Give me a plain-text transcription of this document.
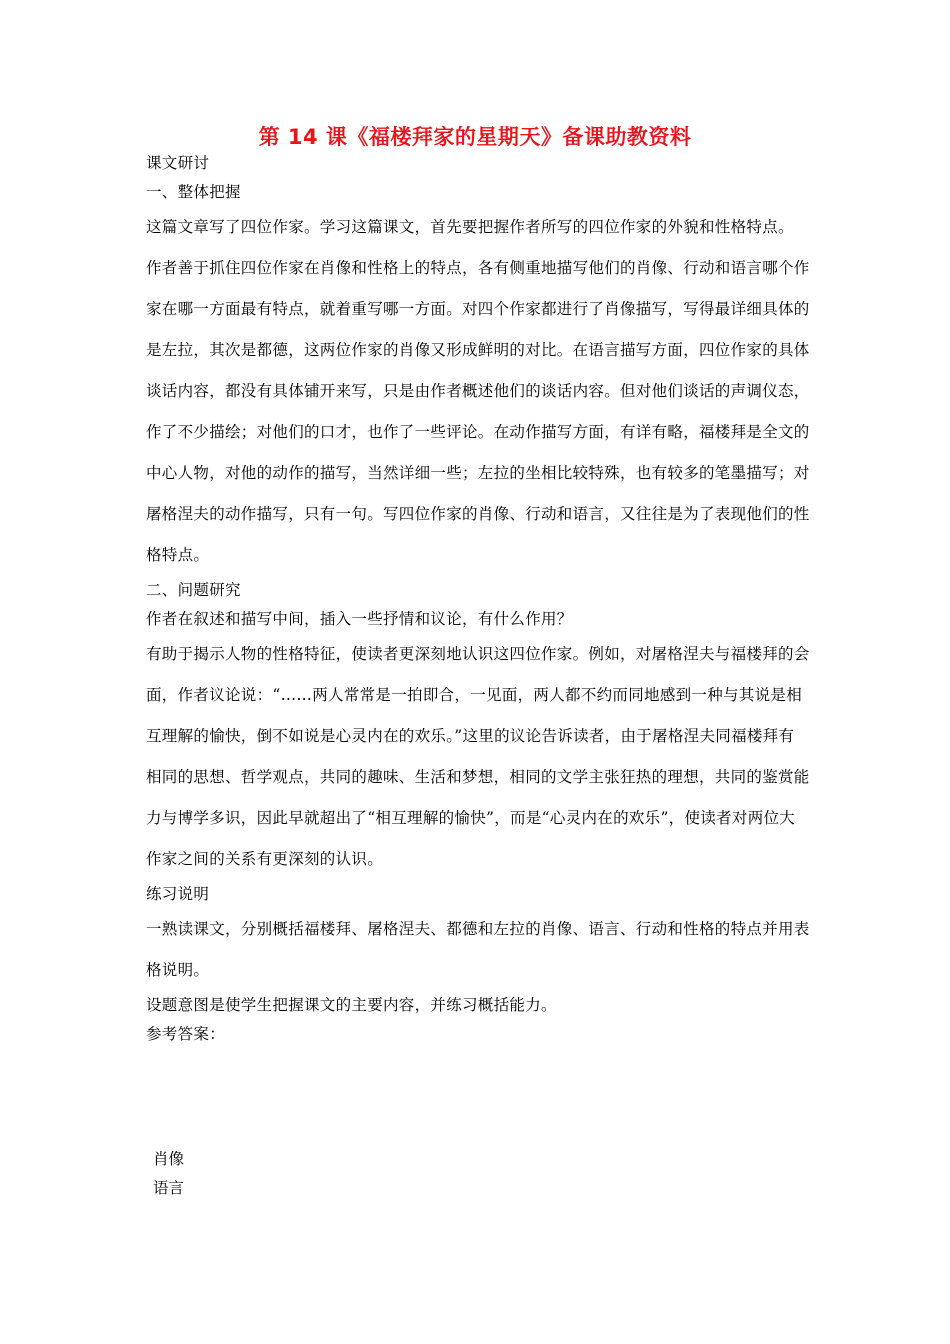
第 14 课《福楼拜家的星期天》备课助教资料

课文研讨

一、整体把握

这篇文章写了四位作家。学习这篇课文，首先要把握作者所写的四位作家的外貌和性格特点。

作者善于抓住四位作家在肖像和性格上的特点，各有侧重地描写他们的肖像、行动和语言哪个作家在哪一方面最有特点，就着重写哪一方面。对四个作家都进行了肖像描写，写得最详细具体的是左拉，其次是都德，这两位作家的肖像又形成鲜明的对比。在语言描写方面，四位作家的具体谈话内容，都没有具体铺开来写，只是由作者概述他们的谈话内容。但对他们谈话的声调仪态，作了不少描绘；对他们的口才，也作了一些评论。在动作描写方面，有详有略，福楼拜是全文的中心人物，对他的动作的描写，当然详细一些；左拉的坐相比较特殊，也有较多的笔墨描写；对屠格涅夫的动作描写，只有一句。写四位作家的肖像、行动和语言，又往往是为了表现他们的性格特点。

二、问题研究

作者在叙述和描写中间，插入一些抒情和议论，有什么作用？

有助于揭示人物的性格特征，使读者更深刻地认识这四位作家。例如，对屠格涅夫与福楼拜的会面，作者议论说：“……两人常常是一拍即合，一见面，两人都不约而同地感到一种与其说是相互理解的愉快，倒不如说是心灵内在的欢乐。”这里的议论告诉读者，由于屠格涅夫同福楼拜有相同的思想、哲学观点，共同的趣味、生活和梦想，相同的文学主张狂热的理想，共同的鉴赏能力与博学多识，因此早就超出了“相互理解的愉快”，而是“心灵内在的欢乐”，使读者对两位大作家之间的关系有更深刻的认识。

练习说明

一熟读课文，分别概括福楼拜、屠格涅夫、都德和左拉的肖像、语言、行动和性格的特点并用表格说明。

设题意图是使学生把握课文的主要内容，并练习概括能力。

参考答案：

肖像
语言
